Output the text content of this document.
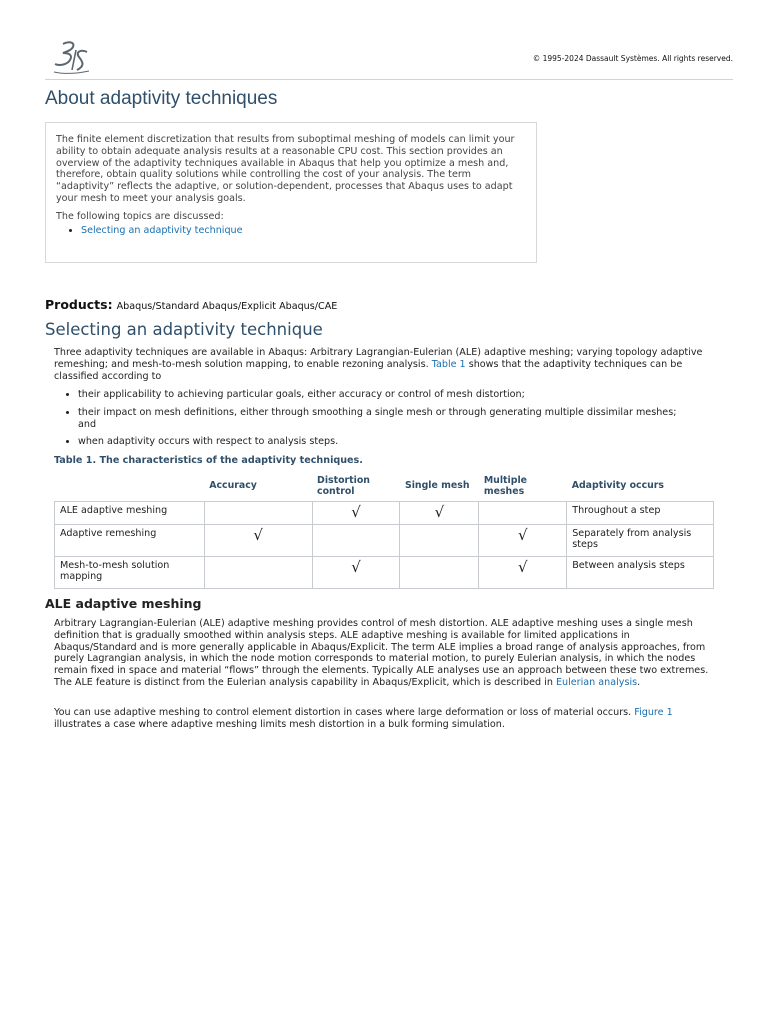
© 1995-2024 Dassault Systèmes. All rights reserved.
About adaptivity techniques

The finite element discretization that results from suboptimal meshing of models can limit your ability to obtain adequate analysis results at a reasonable CPU cost. This section provides an overview of the adaptivity techniques available in Abaqus that help you optimize a mesh and, therefore, obtain quality solutions while controlling the cost of your analysis. The term “adaptivity” reflects the adaptive, or solution-dependent, processes that Abaqus uses to adapt your mesh to meet your analysis goals.

The following topics are discussed:

• Selecting an adaptivity technique
Products: Abaqus/Standard Abaqus/Explicit Abaqus/CAE
Selecting an adaptivity technique

Three adaptivity techniques are available in Abaqus: Arbitrary Lagrangian-Eulerian (ALE) adaptive meshing; varying topology adaptive remeshing; and mesh-to-mesh solution mapping, to enable rezoning analysis. Table 1 shows that the adaptivity techniques can be classified according to

• their applicability to achieving particular goals, either accuracy or control of mesh distortion;
• their impact on mesh definitions, either through smoothing a single mesh or through generating multiple dissimilar meshes; and
• when adaptivity occurs with respect to analysis steps.
Table 1. The characteristics of the adaptivity techniques.
	Accuracy	Distortion control	Single mesh	Multiple meshes	Adaptivity occurs
ALE adaptive meshing		√	√		Throughout a step
Adaptive remeshing	√			√	Separately from analysis steps
Mesh-to-mesh solution mapping		√		√	Between analysis steps
ALE adaptive meshing

Arbitrary Lagrangian-Eulerian (ALE) adaptive meshing provides control of mesh distortion. ALE adaptive meshing uses a single mesh definition that is gradually smoothed within analysis steps. ALE adaptive meshing is available for limited applications in Abaqus/Standard and is more generally applicable in Abaqus/Explicit. The term ALE implies a broad range of analysis approaches, from purely Lagrangian analysis, in which the node motion corresponds to material motion, to purely Eulerian analysis, in which the nodes remain fixed in space and material “flows” through the elements. Typically ALE analyses use an approach between these two extremes. The ALE feature is distinct from the Eulerian analysis capability in Abaqus/Explicit, which is described in Eulerian analysis.

You can use adaptive meshing to control element distortion in cases where large deformation or loss of material occurs. Figure 1 illustrates a case where adaptive meshing limits mesh distortion in a bulk forming simulation.
